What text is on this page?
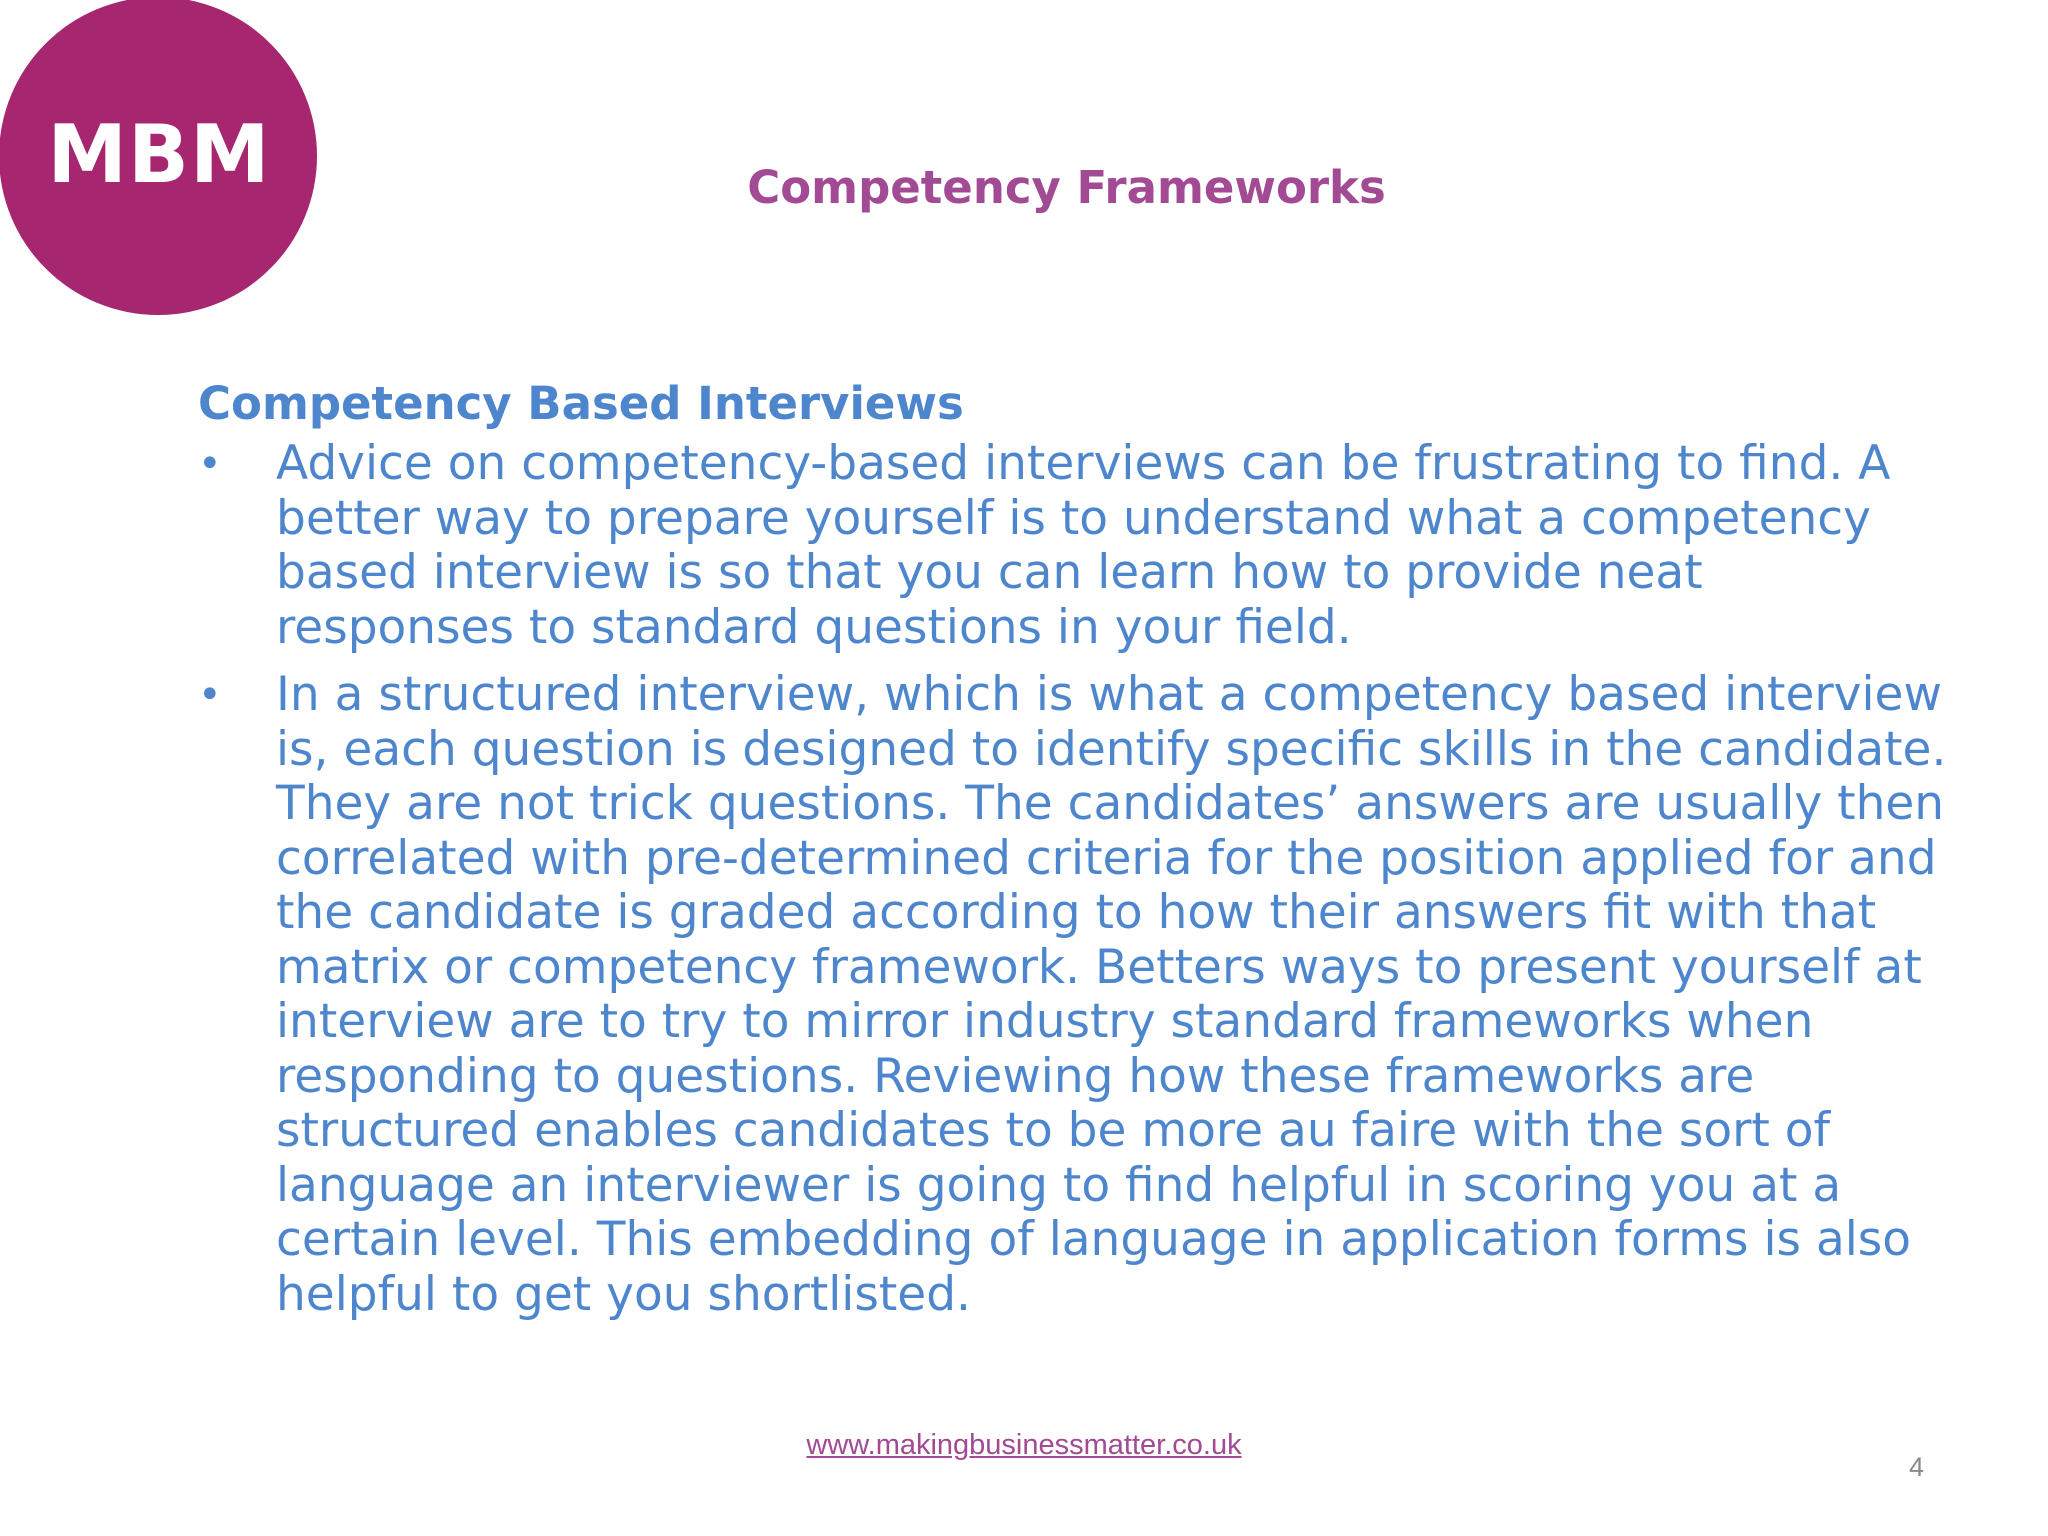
MBM	Competency Frameworks
Competency Based Interviews
• Advice on competency-based interviews can be frustrating to find. A better way to prepare yourself is to understand what a competency based interview is so that you can learn how to provide neat responses to standard questions in your field.
• In a structured interview, which is what a competency based interview is, each question is designed to identify specific skills in the candidate. They are not trick questions. The candidates’ answers are usually then correlated with pre-determined criteria for the position applied for and the candidate is graded according to how their answers fit with that matrix or competency framework. Betters ways to present yourself at interview are to try to mirror industry standard frameworks when responding to questions. Reviewing how these frameworks are structured enables candidates to be more au faire with the sort of language an interviewer is going to find helpful in scoring you at a certain level. This embedding of language in application forms is also helpful to get you shortlisted.
www.makingbusinessmatter.co.uk
4
